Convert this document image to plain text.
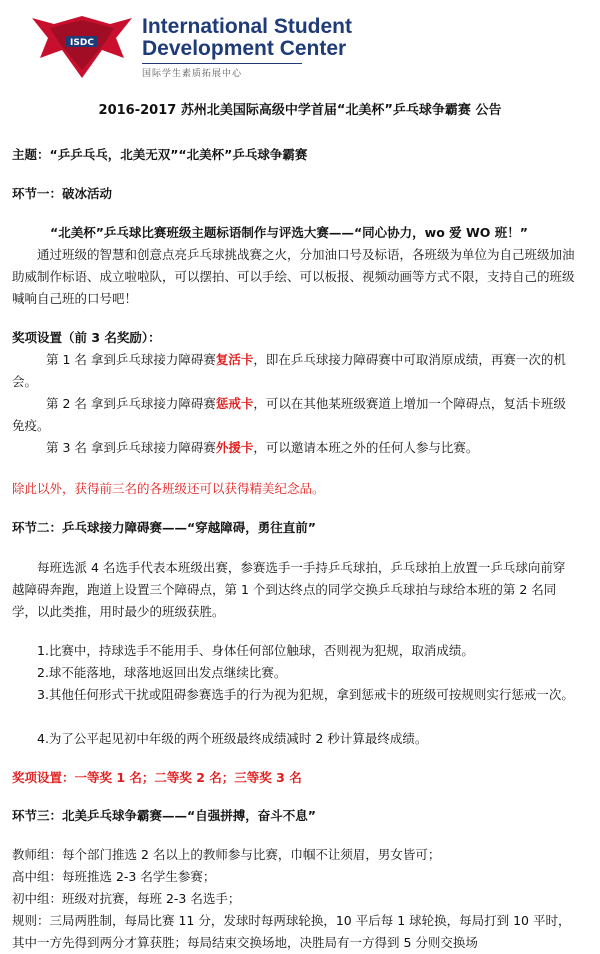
ISDC
International Student
Development Center
国际学生素质拓展中心
2016-2017 苏州北美国际高级中学首届“北美杯”乒乓球争霸赛 公告
主题：“乒乒乓乓，北美无双”“北美杯”乒乓球争霸赛
环节一：破冰活动
“北美杯”乒乓球比赛班级主题标语制作与评选大赛——“同心协力，wo 爱 WO 班！”
通过班级的智慧和创意点亮乒乓球挑战赛之火，分加油口号及标语，各班级为单位为自己班级加油助威制作标语、成立啦啦队，可以摆拍、可以手绘、可以板报、视频动画等方式不限，支持自己的班级喊响自己班的口号吧！
奖项设置（前 3 名奖励）：
第 1 名 拿到乒乓球接力障碍赛复活卡，即在乒乓球接力障碍赛中可取消原成绩，再赛一次的机会。
第 2 名 拿到乒乓球接力障碍赛惩戒卡，可以在其他某班级赛道上增加一个障碍点，复活卡班级免疫。
第 3 名 拿到乒乓球接力障碍赛外援卡，可以邀请本班之外的任何人参与比赛。
除此以外，获得前三名的各班级还可以获得精美纪念品。
环节二：乒乓球接力障碍赛——“穿越障碍，勇往直前”
每班选派 4 名选手代表本班级出赛，参赛选手一手持乒乓球拍，乒乓球拍上放置一乒乓球向前穿越障碍奔跑，跑道上设置三个障碍点，第 1 个到达终点的同学交换乒乓球拍与球给本班的第 2 名同学，以此类推，用时最少的班级获胜。
1.比赛中，持球选手不能用手、身体任何部位触球，否则视为犯规，取消成绩。
2.球不能落地，球落地返回出发点继续比赛。
3.其他任何形式干扰或阻碍参赛选手的行为视为犯规，拿到惩戒卡的班级可按规则实行惩戒一次。
4.为了公平起见初中年级的两个班级最终成绩减时 2 秒计算最终成绩。
奖项设置：一等奖 1 名；二等奖 2 名；三等奖 3 名
环节三：北美乒乓球争霸赛——“自强拼搏，奋斗不息”
教师组：每个部门推选 2 名以上的教师参与比赛，巾帼不让须眉，男女皆可；
高中组：每班推选 2-3 名学生参赛；
初中组：班级对抗赛，每班 2-3 名选手；
规则：三局两胜制，每局比赛 11 分，发球时每两球轮换，10 平后每 1 球轮换，每局打到 10 平时，其中一方先得到两分才算获胜；每局结束交换场地，决胜局有一方得到 5 分则交换场
